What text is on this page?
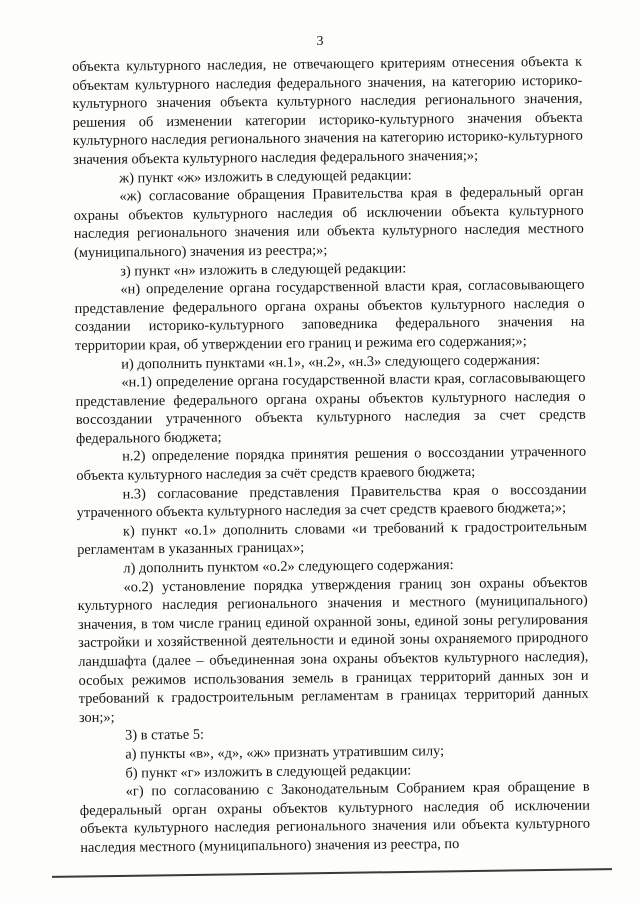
3

объекта культурного наследия, не отвечающего критериям отнесения объекта к объектам культурного наследия федерального значения, на категорию историко-культурного значения объекта культурного наследия регионального значения, решения об изменении категории историко-культурного значения объекта культурного наследия регионального значения на категорию историко-культурного значения объекта культурного наследия федерального значения;»;

ж) пункт «ж» изложить в следующей редакции:

«ж) согласование обращения Правительства края в федеральный орган охраны объектов культурного наследия об исключении объекта культурного наследия регионального значения или объекта культурного наследия местного (муниципального) значения из реестра;»;

з) пункт «н» изложить в следующей редакции:

«н) определение органа государственной власти края, согласовывающего представление федерального органа охраны объектов культурного наследия о создании историко-культурного заповедника федерального значения на территории края, об утверждении его границ и режима его содержания;»;

и) дополнить пунктами «н.1», «н.2», «н.3» следующего содержания:

«н.1) определение органа государственной власти края, согласовывающего представление федерального органа охраны объектов культурного наследия о воссоздании утраченного объекта культурного наследия за счет средств федерального бюджета;

н.2) определение порядка принятия решения о воссоздании утраченного объекта культурного наследия за счёт средств краевого бюджета;

н.3) согласование представления Правительства края о воссоздании утраченного объекта культурного наследия за счет средств краевого бюджета;»;

к) пункт «о.1» дополнить словами «и требований к градостроительным регламентам в указанных границах»;

л) дополнить пунктом «о.2» следующего содержания:

«о.2) установление порядка утверждения границ зон охраны объектов культурного наследия регионального значения и местного (муниципального) значения, в том числе границ единой охранной зоны, единой зоны регулирования застройки и хозяйственной деятельности и единой зоны охраняемого природного ландшафта (далее – объединенная зона охраны объектов культурного наследия), особых режимов использования земель в границах территорий данных зон и требований к градостроительным регламентам в границах территорий данных зон;»;

3) в статье 5:

а) пункты «в», «д», «ж» признать утратившим силу;

б) пункт «г» изложить в следующей редакции:

«г) по согласованию с Законодательным Собранием края обращение в федеральный орган охраны объектов культурного наследия об исключении объекта культурного наследия регионального значения или объекта культурного наследия местного (муниципального) значения из реестра, по
